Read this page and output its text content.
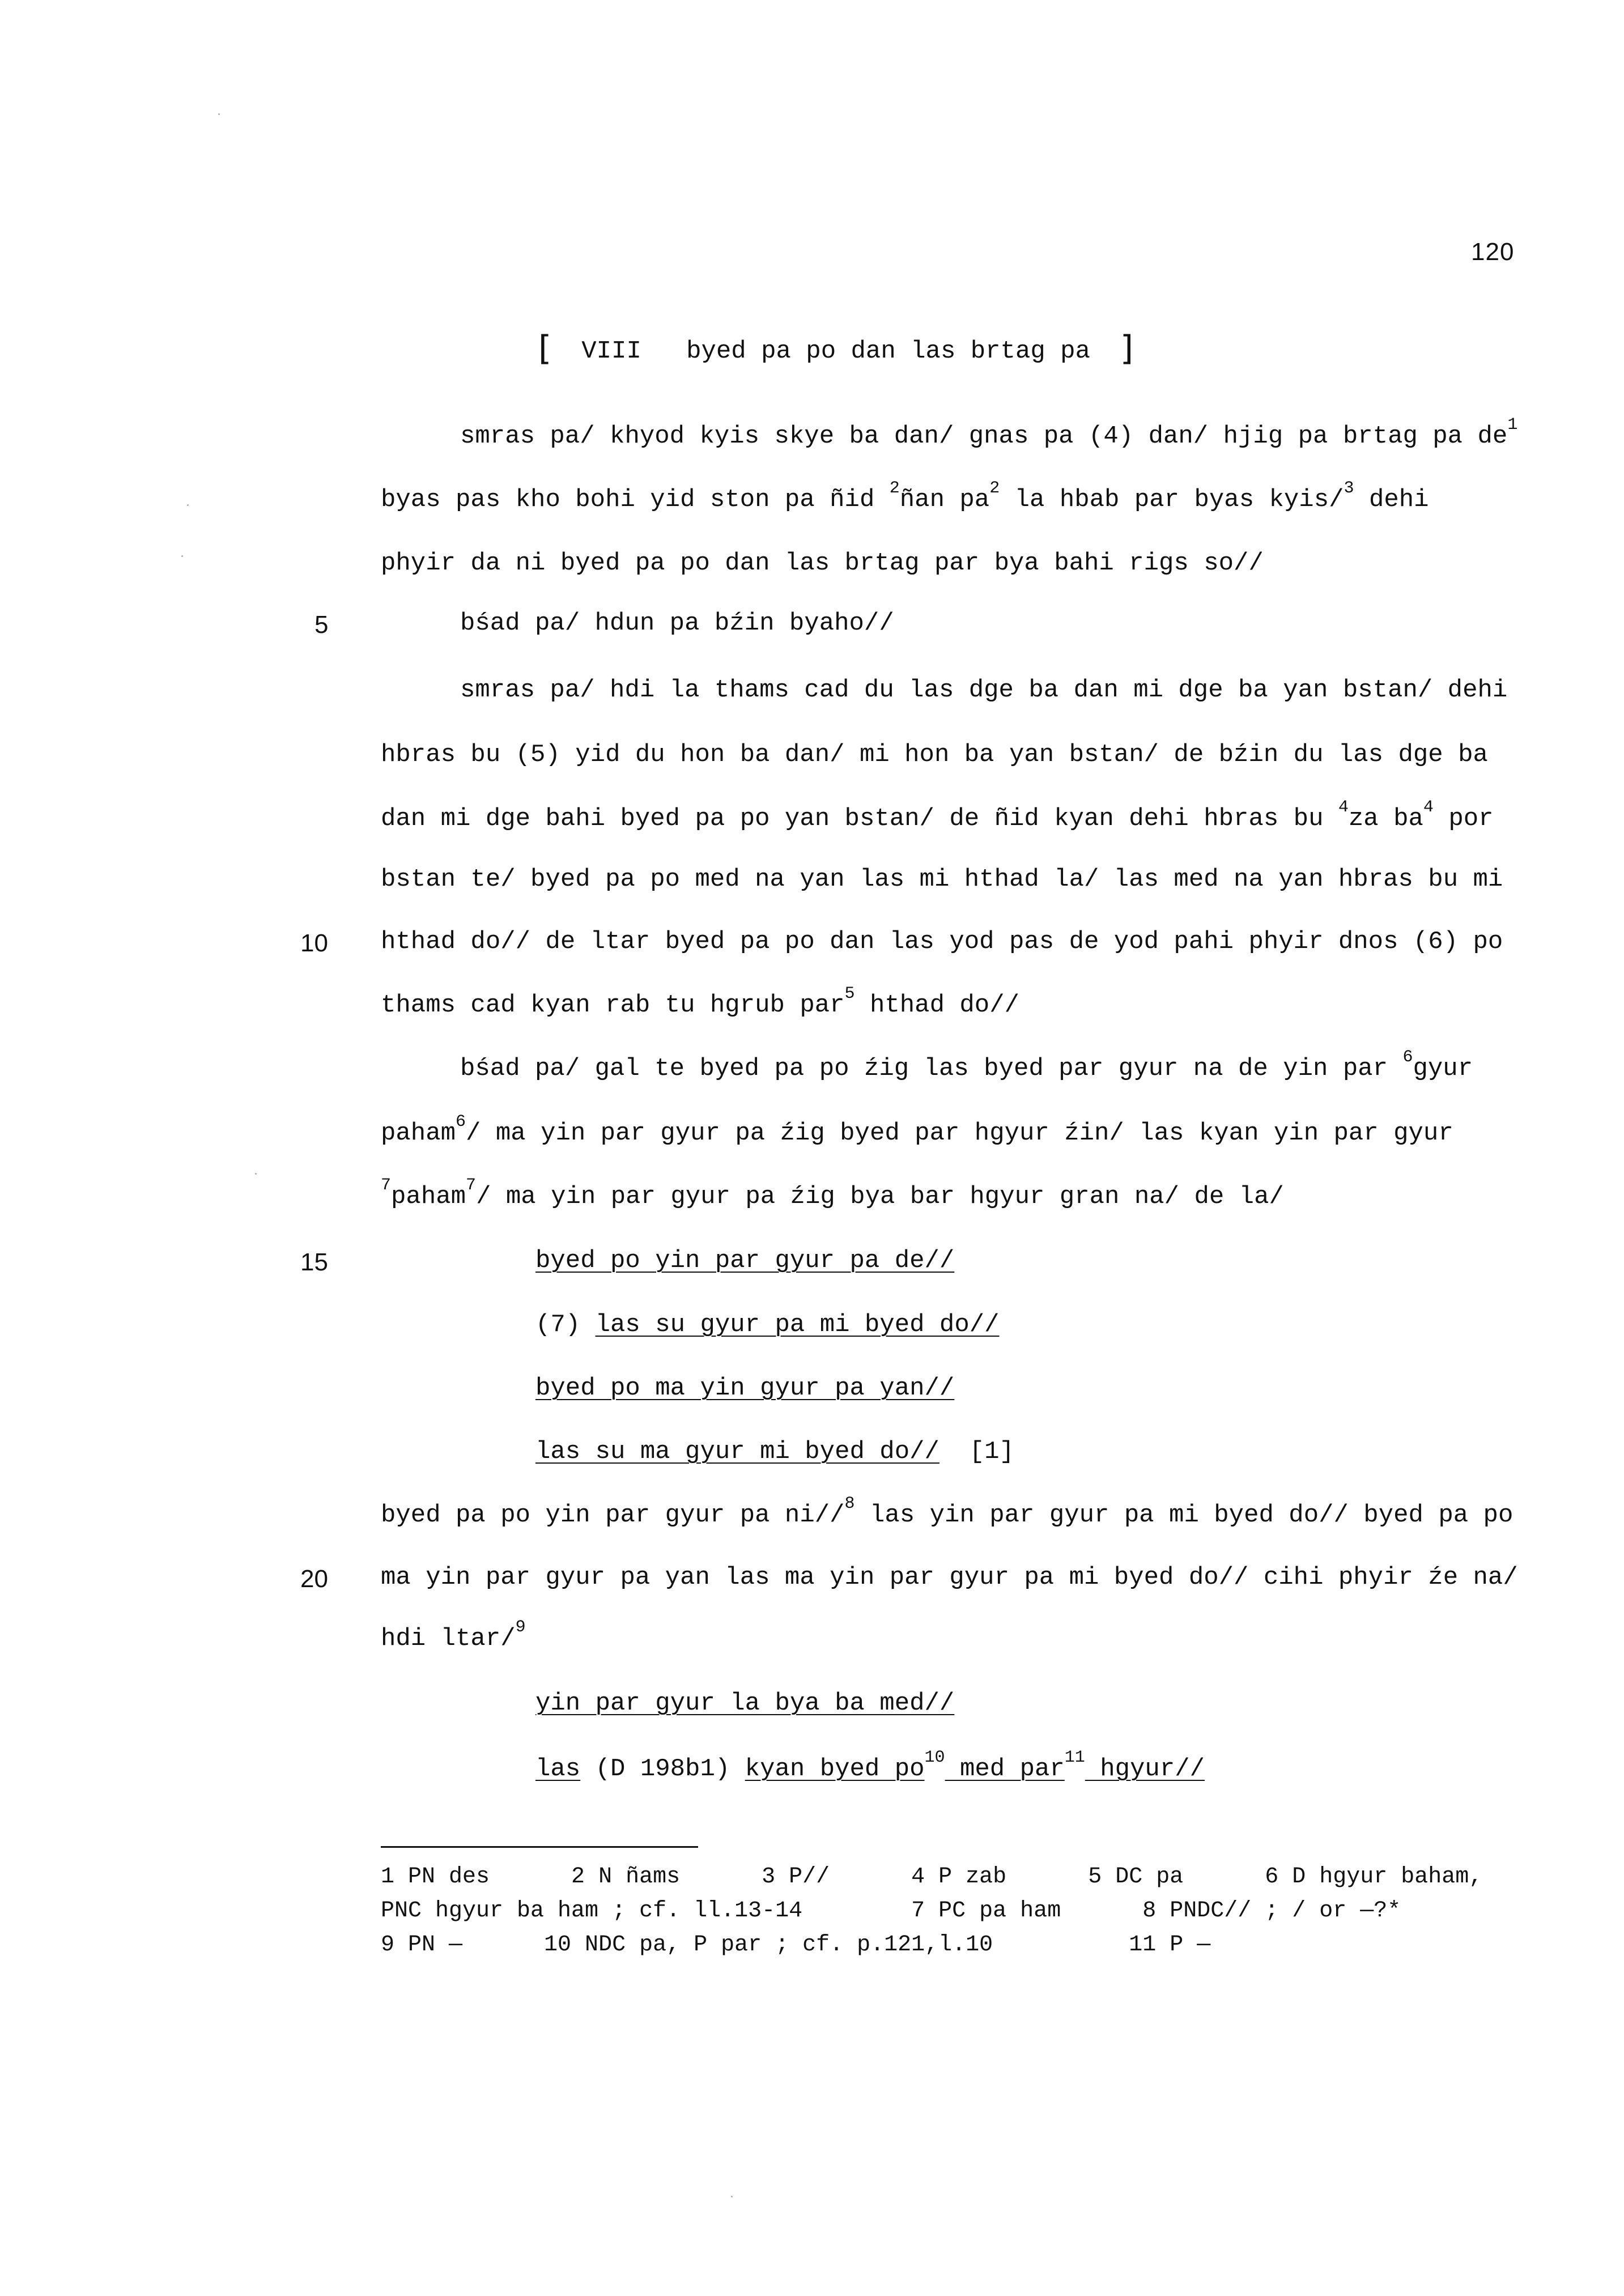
120
[ VIII   byed pa po dan las brtag pa ]
5
10
15
20
smras pa/ khyod kyis skye ba dan/ gnas pa (4) dan/ hjig pa brtag pa $de^1$
byas pas kho bohi yid ston pa ñid $^2$ñan $pa^2$ la hbab par byas kyis/$^3$ dehi
phyir da ni byed pa po dan las brtag par bya bahi rigs so//
bśad pa/ hdun pa bźin byaho//
smras pa/ hdi la thams cad du las dge ba dan mi dge ba yan bstan/ dehi
hbras bu (5) yid du hon ba dan/ mi hon ba yan bstan/ de bźin du las dge ba
dan mi dge bahi byed pa po yan bstan/ de ñid kyan dehi hbras bu $^4$za $ba^4$ por
bstan te/ byed pa po med na yan las mi hthad la/ las med na yan hbras bu mi
hthad do// de ltar byed pa po dan las yod pas de yod pahi phyir dnos (6) po
thams cad kyan rab tu hgrub par$^5$ hthad do//
bśad pa/ gal te byed pa po źig las byed par gyur na de yin par $^6$gyur
paham$^6$/ ma yin par gyur pa źig byed par hgyur źin/ las kyan yin par gyur
$^7$paham$^7$/ ma yin par gyur pa źig bya bar hgyur gran na/ de la/
byed po yin par gyur pa de//
(7) las su gyur pa mi byed do//
byed po ma yin gyur pa yan//
las su ma gyur mi byed do// [1]
byed pa po yin par gyur pa ni//$^8$ las yin par gyur pa mi byed do// byed pa po
ma yin par gyur pa yan las ma yin par gyur pa mi byed do// cihi phyir źe na/
hdi ltar/$^9$
yin par gyur la bya ba med//
las (D 198b1) kyan byed $po^{10}$ med par$^{11}$ hgyur//
1 PN des      2 N ñams      3 P//      4 P zab      5 DC pa      6 D hgyur baham,
PNC hgyur ba ham ; cf. ll.13-14        7 PC pa ham      8 PNDC// ; / or —?*
9 PN —      10 NDC pa, P par ; cf. p.121,l.10          11 P —
